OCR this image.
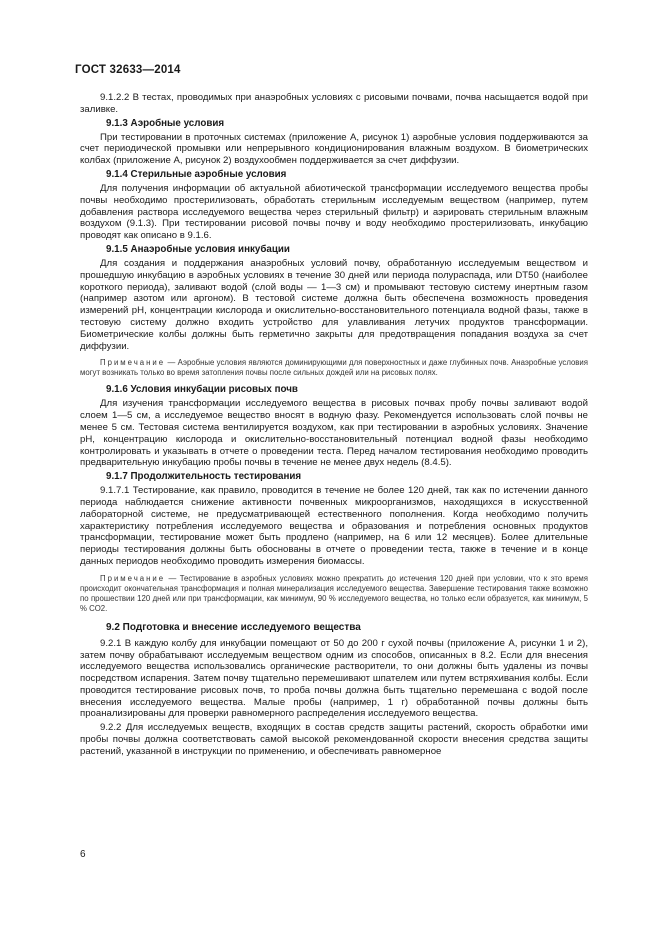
ГОСТ 32633—2014

9.1.2.2 В тестах, проводимых при анаэробных условиях с рисовыми почвами, почва насыщается водой при заливке.

9.1.3 Аэробные условия

При тестировании в проточных системах (приложение А, рисунок 1) аэробные условия поддерживаются за счет периодической промывки или непрерывного кондиционирования влажным воздухом. В биометрических колбах (приложение А, рисунок 2) воздухообмен поддерживается за счет диффузии.

9.1.4 Стерильные аэробные условия

Для получения информации об актуальной абиотической трансформации исследуемого вещества пробы почвы необходимо простерилизовать, обработать стерильным исследуемым веществом (например, путем добавления раствора исследуемого вещества через стерильный фильтр) и аэрировать стерильным влажным воздухом (9.1.3). При тестировании рисовой почвы почву и воду необходимо простерилизовать, инкубацию проводят как описано в 9.1.6.

9.1.5 Анаэробные условия инкубации

Для создания и поддержания анаэробных условий почву, обработанную исследуемым веществом и прошедшую инкубацию в аэробных условиях в течение 30 дней или периода полураспада, или DT50 (наиболее короткого периода), заливают водой (слой воды — 1—3 см) и промывают тестовую систему инертным газом (например азотом или аргоном). В тестовой системе должна быть обеспечена возможность проведения измерений pH, концентрации кислорода и окислительно-восстановительного потенциала водной фазы, также в тестовую систему должно входить устройство для улавливания летучих продуктов трансформации. Биометрические колбы должны быть герметично закрыты для предотвращения попадания воздуха за счет диффузии.

Примечание — Аэробные условия являются доминирующими для поверхностных и даже глубинных почв. Анаэробные условия могут возникать только во время затопления почвы после сильных дождей или на рисовых полях.

9.1.6 Условия инкубации рисовых почв

Для изучения трансформации исследуемого вещества в рисовых почвах пробу почвы заливают водой слоем 1—5 см, а исследуемое вещество вносят в водную фазу. Рекомендуется использовать слой почвы не менее 5 см. Тестовая система вентилируется воздухом, как при тестировании в аэробных условиях. Значение pH, концентрацию кислорода и окислительно-восстановительный потенциал водной фазы необходимо контролировать и указывать в отчете о проведении теста. Перед началом тестирования необходимо проводить предварительную инкубацию пробы почвы в течение не менее двух недель (8.4.5).

9.1.7 Продолжительность тестирования

9.1.7.1 Тестирование, как правило, проводится в течение не более 120 дней, так как по истечении данного периода наблюдается снижение активности почвенных микроорганизмов, находящихся в искусственной лабораторной системе, не предусматривающей естественного пополнения. Когда необходимо получить характеристику потребления исследуемого вещества и образования и потребления основных продуктов трансформации, тестирование может быть продлено (например, на 6 или 12 месяцев). Более длительные периоды тестирования должны быть обоснованы в отчете о проведении теста, также в течение и в конце данных периодов необходимо проводить измерения биомассы.

Примечание — Тестирование в аэробных условиях можно прекратить до истечения 120 дней при условии, что к это время происходит окончательная трансформация и полная минерализация исследуемого вещества. Завершение тестирования также возможно по прошествии 120 дней или при трансформации, как минимум, 90 % исследуемого вещества, но только если образуется, как минимум, 5 % CO2.

9.2 Подготовка и внесение исследуемого вещества

9.2.1 В каждую колбу для инкубации помещают от 50 до 200 г сухой почвы (приложение А, рисунки 1 и 2), затем почву обрабатывают исследуемым веществом одним из способов, описанных в 8.2. Если для внесения исследуемого вещества использовались органические растворители, то они должны быть удалены из почвы посредством испарения. Затем почву тщательно перемешивают шпателем или путем встряхивания колбы. Если проводится тестирование рисовых почв, то проба почвы должна быть тщательно перемешана с водой после внесения исследуемого вещества. Малые пробы (например, 1 г) обработанной почвы должны быть проанализированы для проверки равномерного распределения исследуемого вещества.

9.2.2 Для исследуемых веществ, входящих в состав средств защиты растений, скорость обработки ими пробы почвы должна соответствовать самой высокой рекомендованной скорости внесения средства защиты растений, указанной в инструкции по применению, и обеспечивать равномерное

6
